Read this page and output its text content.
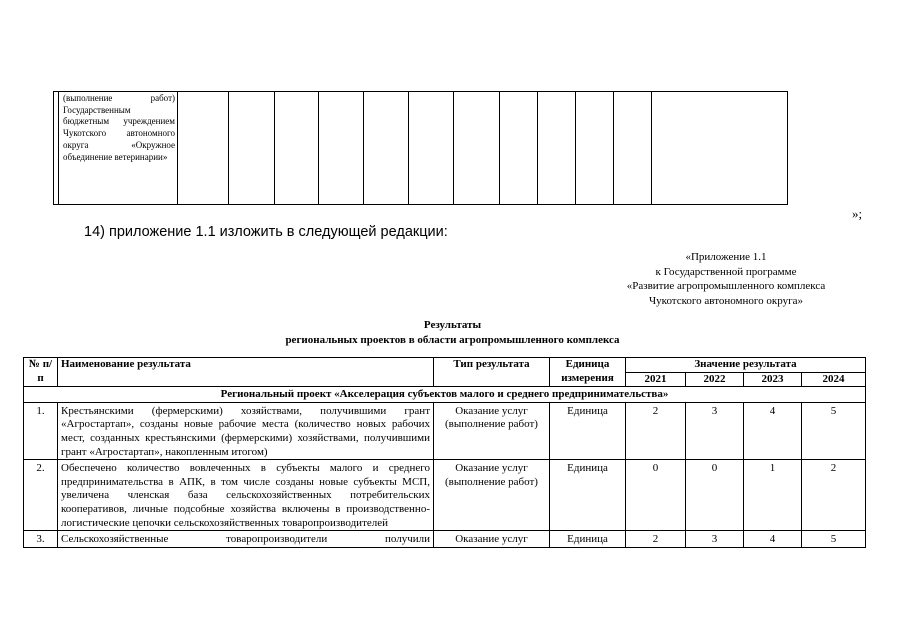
	(выполнение работ) Государственным бюджетным учреждением Чукотского автономного округа «Окружное объединение ветеринарии»												
»;
14) приложение 1.1 изложить в следующей редакции:
«Приложение 1.1
к Государственной программе
«Развитие агропромышленного комплекса
Чукотского автономного округа»
Результаты
региональных проектов в области агропромышленного комплекса
№ п/п	Наименование результата	Тип результата	Единица измерения	Значение результата			
				2021	2022	2023	2024
Региональный проект «Акселерация субъектов малого и среднего предпринимательства»							
1.	Крестьянскими (фермерскими) хозяйствами, получившими грант «Агростартап», созданы новые рабочие места (количество новых рабочих мест, созданных крестьянскими (фермерскими) хозяйствами, получившими грант «Агростартап», накопленным итогом)	Оказание услуг (выполнение работ)	Единица	2	3	4	5
2.	Обеспечено количество вовлеченных в субъекты малого и среднего предпринимательства в АПК, в том числе созданы новые субъекты МСП, увеличена членская база сельскохозяйственных потребительских кооперативов, личные подсобные хозяйства включены в производственно-логистические цепочки сельскохозяйственных товаропроизводителей	Оказание услуг (выполнение работ)	Единица	0	0	1	2
3.	Сельскохозяйственные товаропроизводители получили	Оказание услуг	Единица	2	3	4	5
